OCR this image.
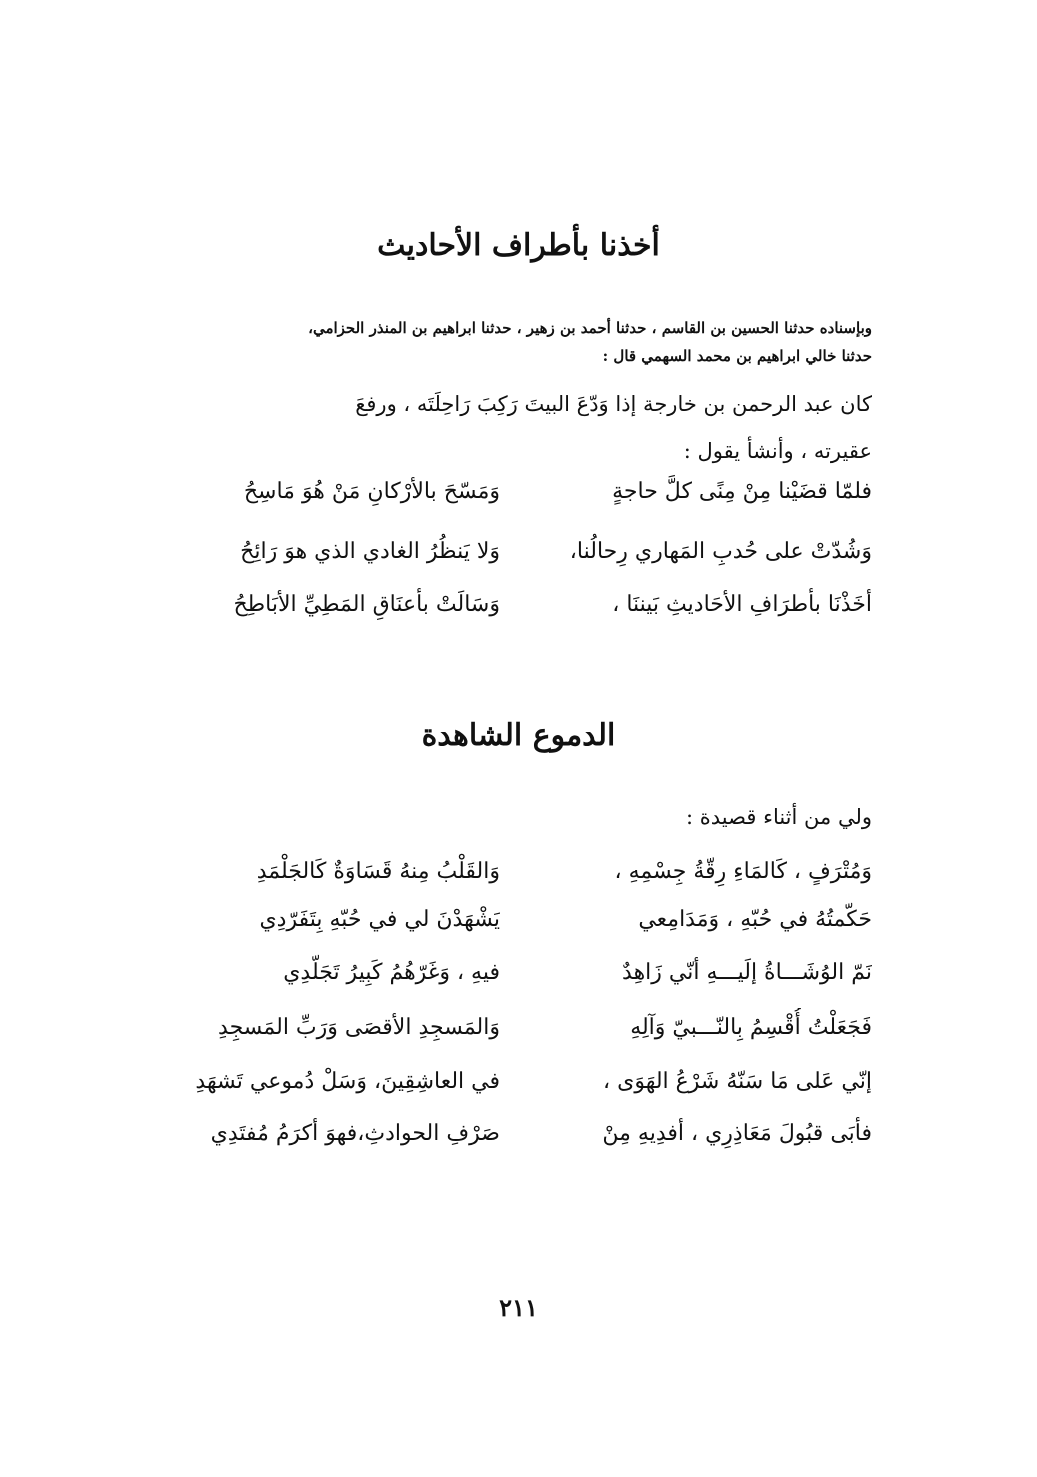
أخذنا بأطراف الأحاديث
وبإسناده حدثنا الحسين بن القاسم ، حدثنا أحمد بن زهير ، حدثنا ابراهيم بن المنذر الحزامي،
حدثنا خالي ابراهيم بن محمد السهمي قال :
كان عبد الرحمن بن خارجة إذا وَدّعَ البيتَ رَكِبَ رَاحِلَتَه ، ورفعَ
عقيرته ، وأنشأ يقول :
فلمّا قضَيْنا مِنْ مِنًى كلَّ حاجةٍ
وَمَسّحَ بالأرْكانِ مَنْ هُوَ مَاسِحُ
وَشُدّتْ على حُدبِ المَهاري رِحالُنا،
وَلا يَنظُرُ الغادي الذي هوَ رَائِحُ
أخَذْنَا بأطرَافِ الأحَاديثِ بَيننَا ،
وَسَالَتْ بأعنَاقِ المَطِيِّ الأبَاطِحُ
الدموع الشاهدة
ولي من أثناء قصيدة :
وَمُتْرَفٍ ، كَالمَاءِ رِقّةُ جِسْمِهِ ،
وَالقَلْبُ مِنهُ قَسَاوَةٌ كَالجَلْمَدِ
حَكّمتُهُ في حُبّهِ ، وَمَدَامِعي
يَشْهَدْنَ لي في حُبّهِ بِتَفَرّدِي
نَمّ الوُشَـــاةُ إلَيـــهِ أنّي زَاهِدٌ
فيهِ ، وَغَرّهُمُ كَبِيرُ تَجَلّدِي
فَجَعَلْتُ أُقْسِمُ بِالنّـــبيّ وَآلِهِ
وَالمَسجِدِ الأقصَى وَرَبِّ المَسجِدِ
إنّي عَلى مَا سَنّهُ شَرْعُ الهَوَى ،
في العاشِقِينَ، وَسَلْ دُموعي تَشهَدِ
فأبَى قبُولَ مَعَاذِرِي ، أفدِيهِ مِنْ
صَرْفِ الحوادثِ،فهوَ أكرَمُ مُفتَدِي
٢١١
